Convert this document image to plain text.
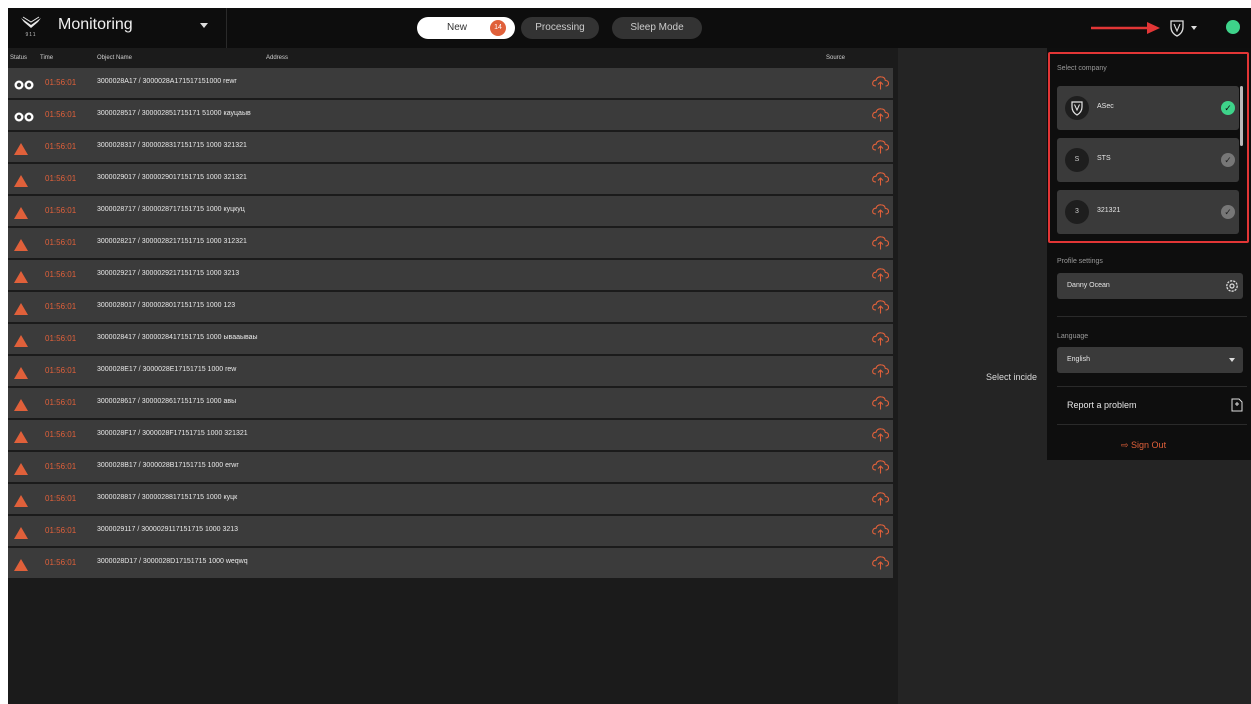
911
Monitoring	New	14	Processing	Sleep Mode
Status Time	Object Name	Address	Source
01:56:01	3000028A17 / 3000028A171517151000 rewr
01:56:01	3000028517 / 300002851715171 51000 кауцаыв
01:56:01	3000028317 / 3000028317151715 1000 321321
01:56:01	3000029017 / 3000029017151715 1000 321321
01:56:01	3000028717 / 3000028717151715 1000 куцкуц
01:56:01	3000028217 / 3000028217151715 1000 312321
01:56:01	3000029217 / 3000029217151715 1000 3213
01:56:01	3000028017 / 3000028017151715 1000 123
01:56:01	3000028417 / 3000028417151715 1000 ывааываы
01:56:01	3000028E17 / 3000028E17151715 1000 rew
01:56:01	3000028617 / 3000028617151715 1000 авы
01:56:01	3000028F17 / 3000028F17151715 1000 321321
01:56:01	3000028B17 / 3000028B17151715 1000 erwr
01:56:01	3000028817 / 3000028817151715 1000 куцк
01:56:01	3000029117 / 3000029117151715 1000 3213
01:56:01	3000028D17 / 3000028D17151715 1000 weqwq
Select incide
Select company
ASec	✓
S	STS	✓
3	321321	✓
Profile settings
Danny Ocean
Language
English
Report a problem
⇨ Sign Out
